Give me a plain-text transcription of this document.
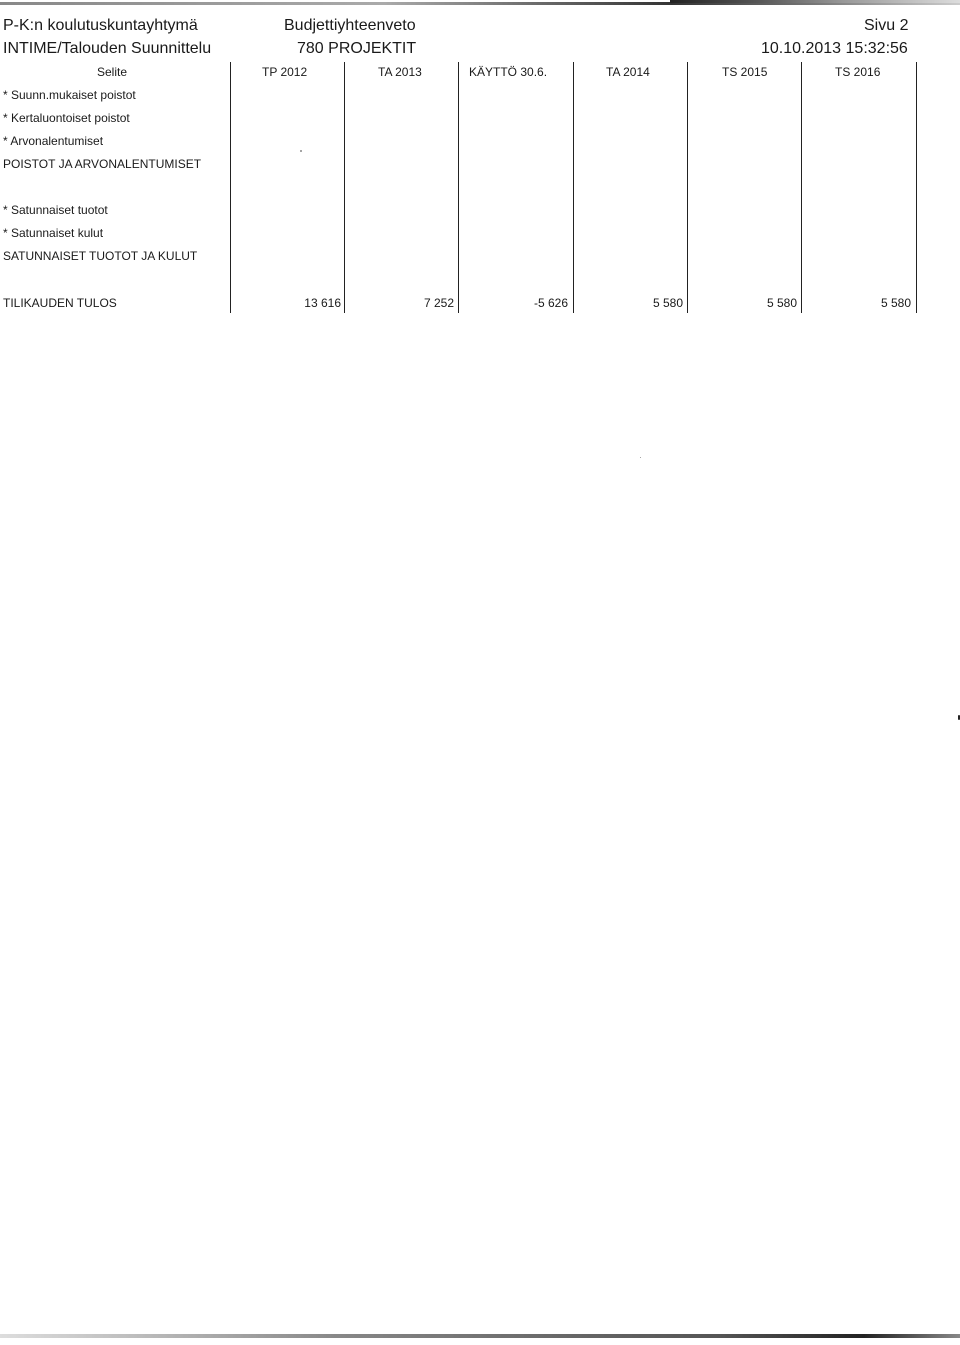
P-K:n koulutuskuntayhtymä
INTIME/Talouden Suunnittelu
Budjettiyhteenveto
780 PROJEKTIT
Sivu 2
10.10.2013 15:32:56
Selite	TP 2012	TA 2013	KÄYTTÖ 30.6.	TA 2014	TS 2015	TS 2016
* Suunn.mukaiset poistot
* Kertaluontoiset poistot
* Arvonalentumiset
POISTOT JA ARVONALENTUMISET
* Satunnaiset tuotot
* Satunnaiset kulut
SATUNNAISET TUOTOT JA KULUT
TILIKAUDEN TULOS	13 616	7 252	-5 626	5 580	5 580	5 580
